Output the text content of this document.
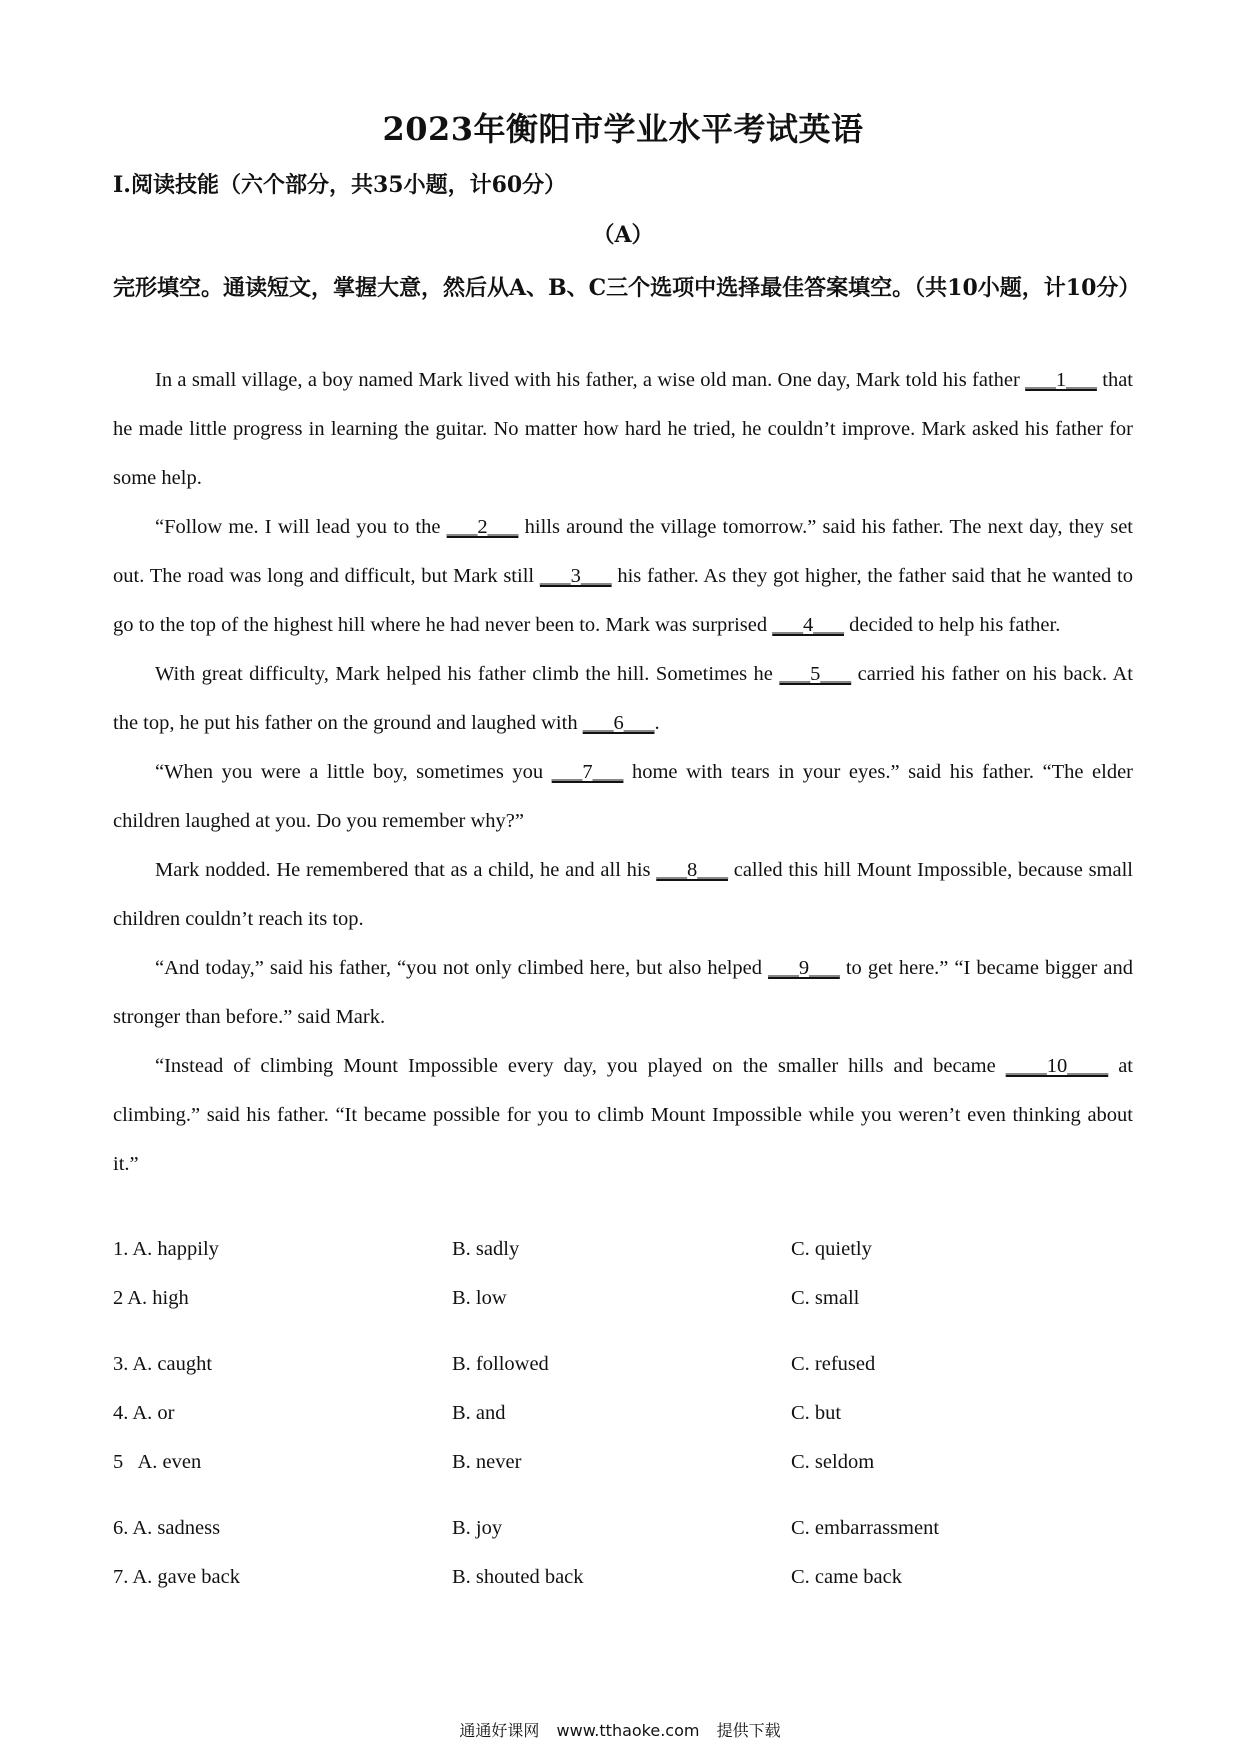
2023年衡阳市学业水平考试英语
I.阅读技能（六个部分，共35小题，计60分）
（A）

完形填空。通读短文，掌握大意，然后从A、B、C三个选项中选择最佳答案填空。（共10小题，计10分）

In a small village, a boy named Mark lived with his father, a wise old man. One day, Mark told his father ___1___ that he made little progress in learning the guitar. No matter how hard he tried, he couldn’t improve. Mark asked his father for some help.

“Follow me. I will lead you to the ___2___ hills around the village tomorrow.” said his father. The next day, they set out. The road was long and difficult, but Mark still ___3___ his father. As they got higher, the father said that he wanted to go to the top of the highest hill where he had never been to. Mark was surprised ___4___ decided to help his father.

With great difficulty, Mark helped his father climb the hill. Sometimes he ___5___ carried his father on his back. At the top, he put his father on the ground and laughed with ___6___.

“When you were a little boy, sometimes you ___7___ home with tears in your eyes.” said his father. “The elder children laughed at you. Do you remember why?”

Mark nodded. He remembered that as a child, he and all his ___8___ called this hill Mount Impossible, because small children couldn’t reach its top.

“And today,” said his father, “you not only climbed here, but also helped ___9___ to get here.” “I became bigger and stronger than before.” said Mark.

“Instead of climbing Mount Impossible every day, you played on the smaller hills and became ____10____ at climbing.” said his father. “It became possible for you to climb Mount Impossible while you weren’t even thinking about it.”

1. A. happily	B. sadly	C. quietly
2 A. high	B. low	C. small
3. A. caught	B. followed	C. refused
4. A. or	B. and	C. but
5   A. even	B. never	C. seldom
6. A. sadness	B. joy	C. embarrassment
7. A. gave back	B. shouted back	C. came back
通通好课网 www.tthaoke.com 提供下载
